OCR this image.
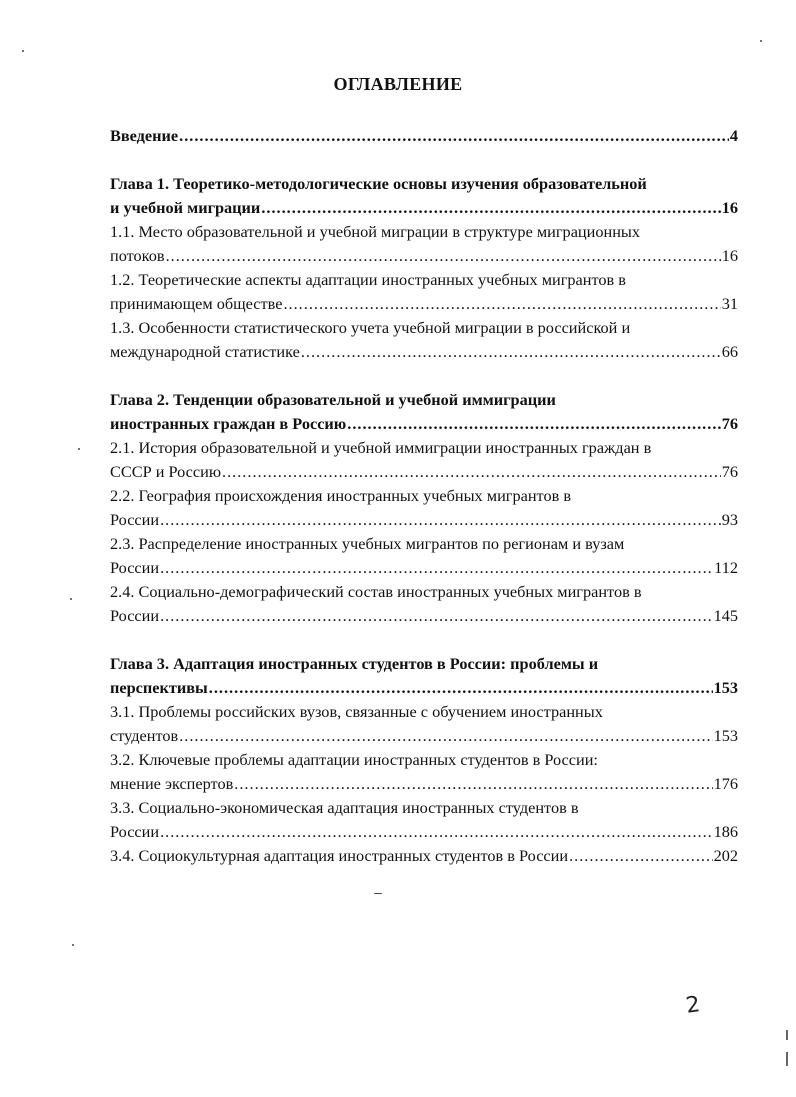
ОГЛАВЛЕНИЕ
Введение .....	4
Глава 1. Теоретико-методологические основы изучения образовательной
и учебной миграции .....	16
1.1. Место образовательной и учебной миграции в структуре миграционных
потоков .....	16
1.2. Теоретические аспекты адаптации иностранных учебных мигрантов в
принимающем обществе .....	31
1.3. Особенности статистического учета учебной миграции в российской и
международной статистике .....	66
Глава 2. Тенденции образовательной и учебной иммиграции
иностранных граждан в Россию .....	76
2.1. История образовательной и учебной иммиграции иностранных граждан в
СССР и Россию .....	76
2.2. География происхождения иностранных учебных мигрантов в
России .....	93
2.3. Распределение иностранных учебных мигрантов по регионам и вузам
России .....	112
2.4. Социально-демографический состав иностранных учебных мигрантов в
России .....	145
Глава 3. Адаптация иностранных студентов в России: проблемы и
перспективы .....	153
3.1. Проблемы российских вузов, связанные с обучением иностранных
студентов .....	153
3.2. Ключевые проблемы адаптации иностранных студентов в России:
мнение экспертов .....	176
3.3. Социально-экономическая адаптация иностранных студентов в
России .....	186
3.4. Социокультурная адаптация иностранных студентов в России .....	202
2
